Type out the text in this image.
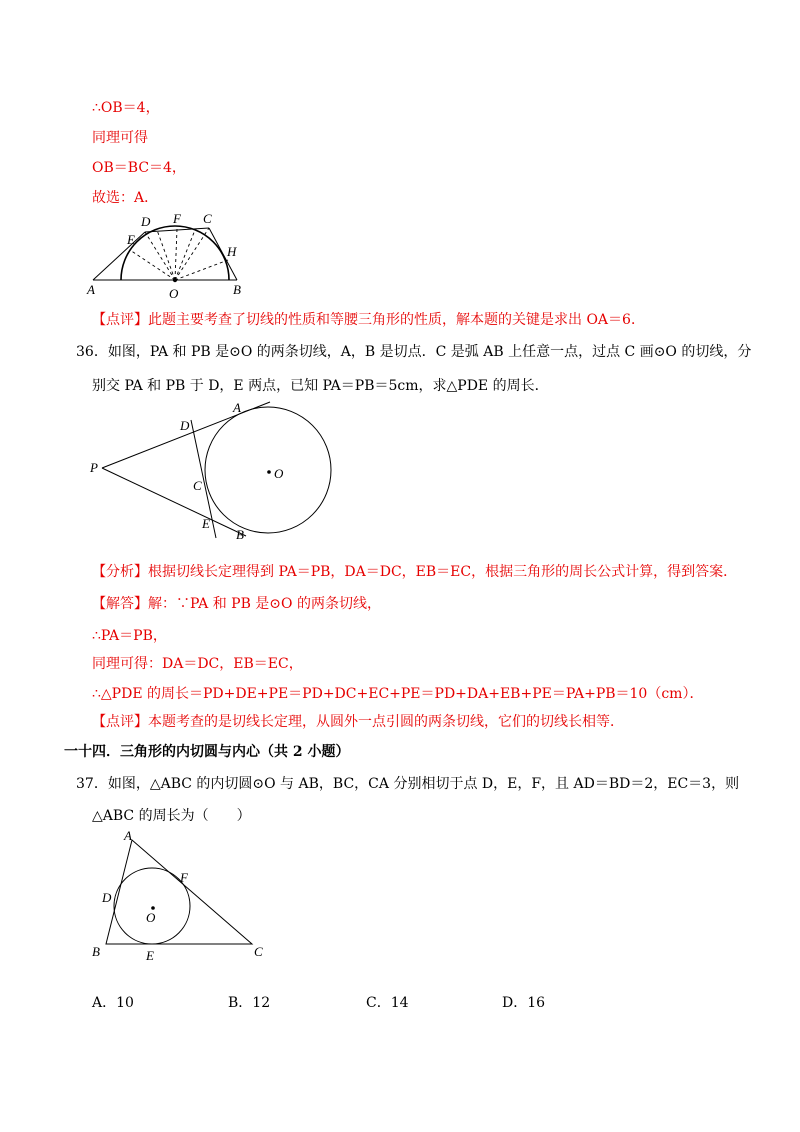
∴OB＝4，
同理可得
OB＝BC＝4，
故选：A．
A	B
C
D
E
F
H
O
【点评】此题主要考查了切线的性质和等腰三角形的性质，解本题的关键是求出 OA＝6．
36．如图，PA 和 PB 是⊙O 的两条切线，A，B 是切点．C 是弧 AB 上任意一点，过点 C 画⊙O 的切线，分
别交 PA 和 PB 于 D，E 两点，已知 PA＝PB＝5cm，求△PDE 的周长．
P
A
B
C
D
E
O
【分析】根据切线长定理得到 PA＝PB，DA＝DC，EB＝EC，根据三角形的周长公式计算，得到答案．
【解答】解：∵PA 和 PB 是⊙O 的两条切线，
∴PA＝PB，
同理可得：DA＝DC，EB＝EC，
∴△PDE 的周长＝PD+DE+PE＝PD+DC+EC+PE＝PD+DA+EB+PE＝PA+PB＝10（cm）．
【点评】本题考查的是切线长定理，从圆外一点引圆的两条切线，它们的切线长相等．
一十四．三角形的内切圆与内心（共 2 小题）
37．如图，△ABC 的内切圆⊙O 与 AB，BC，CA 分别相切于点 D，E，F，且 AD＝BD＝2，EC＝3，则
△ABC 的周长为（　　）
A
B	C
D
E
F
O
A．10	B．12	C．14	D．16
